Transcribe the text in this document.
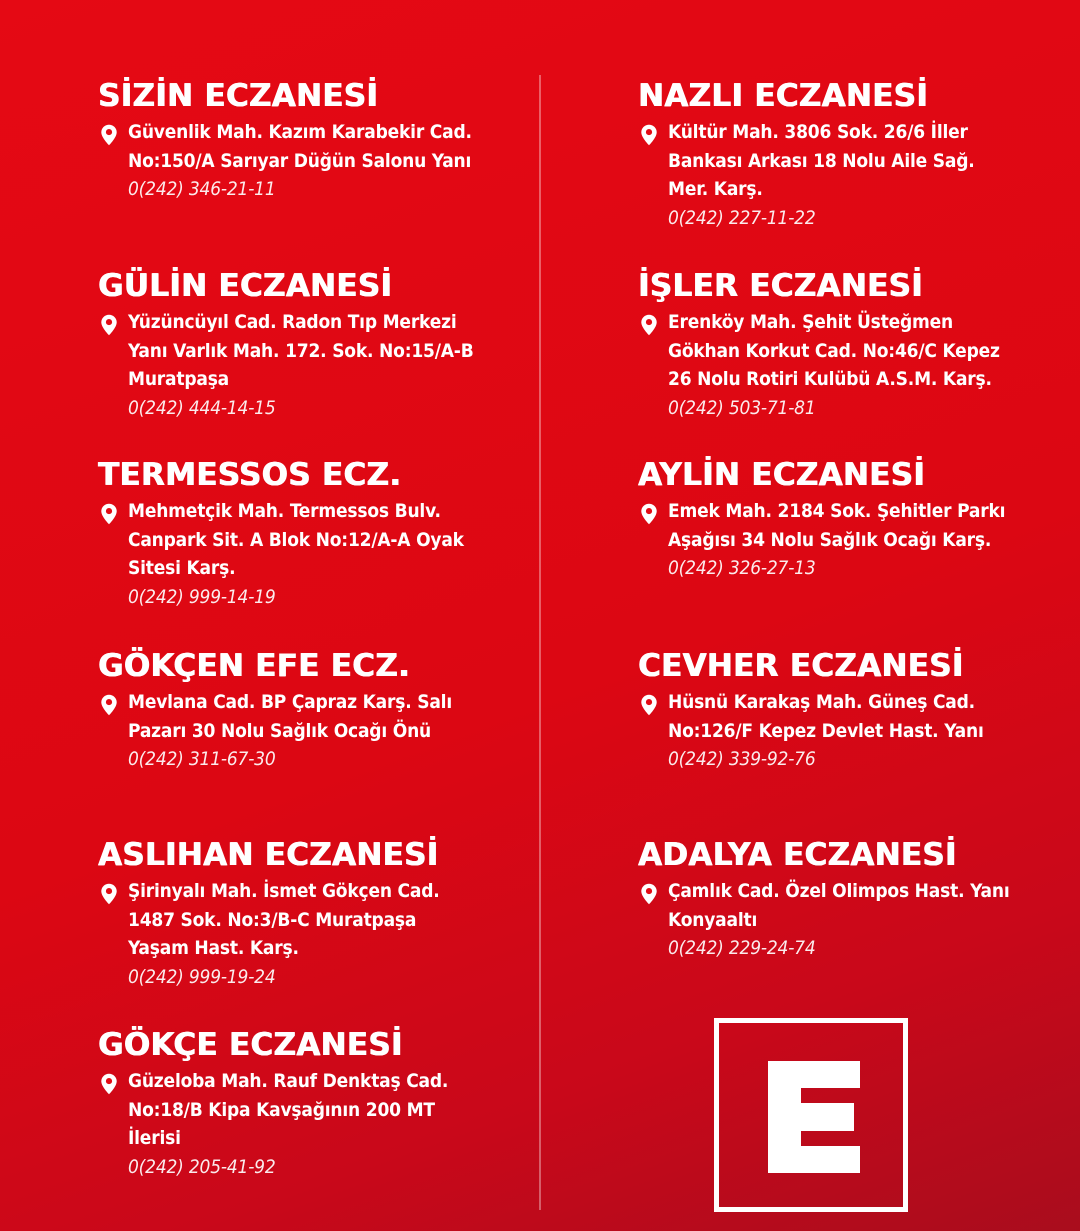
SİZİN ECZANESİ
Güvenlik Mah. Kazım Karabekir Cad.
No:150/A Sarıyar Düğün Salonu Yanı
0(242) 346-21-11
GÜLİN ECZANESİ
Yüzüncüyıl Cad. Radon Tıp Merkezi
Yanı Varlık Mah. 172. Sok. No:15/A-B
Muratpaşa
0(242) 444-14-15
TERMESSOS ECZ.
Mehmetçik Mah. Termessos Bulv.
Canpark Sit. A Blok No:12/A-A Oyak
Sitesi Karş.
0(242) 999-14-19
GÖKÇEN EFE ECZ.
Mevlana Cad. BP Çapraz Karş. Salı
Pazarı 30 Nolu Sağlık Ocağı Önü
0(242) 311-67-30
ASLIHAN ECZANESİ
Şirinyalı Mah. İsmet Gökçen Cad.
1487 Sok. No:3/B-C Muratpaşa
Yaşam Hast. Karş.
0(242) 999-19-24
GÖKÇE ECZANESİ
Güzeloba Mah. Rauf Denktaş Cad.
No:18/B Kipa Kavşağının 200 MT
İlerisi
0(242) 205-41-92
NAZLI ECZANESİ
Kültür Mah. 3806 Sok. 26/6 İller
Bankası Arkası 18 Nolu Aile Sağ.
Mer. Karş.
0(242) 227-11-22
İŞLER ECZANESİ
Erenköy Mah. Şehit Üsteğmen
Gökhan Korkut Cad. No:46/C Kepez
26 Nolu Rotiri Kulübü A.S.M. Karş.
0(242) 503-71-81
AYLİN ECZANESİ
Emek Mah. 2184 Sok. Şehitler Parkı
Aşağısı 34 Nolu Sağlık Ocağı Karş.
0(242) 326-27-13
CEVHER ECZANESİ
Hüsnü Karakaş Mah. Güneş Cad.
No:126/F Kepez Devlet Hast. Yanı
0(242) 339-92-76
ADALYA ECZANESİ
Çamlık Cad. Özel Olimpos Hast. Yanı
Konyaaltı
0(242) 229-24-74
